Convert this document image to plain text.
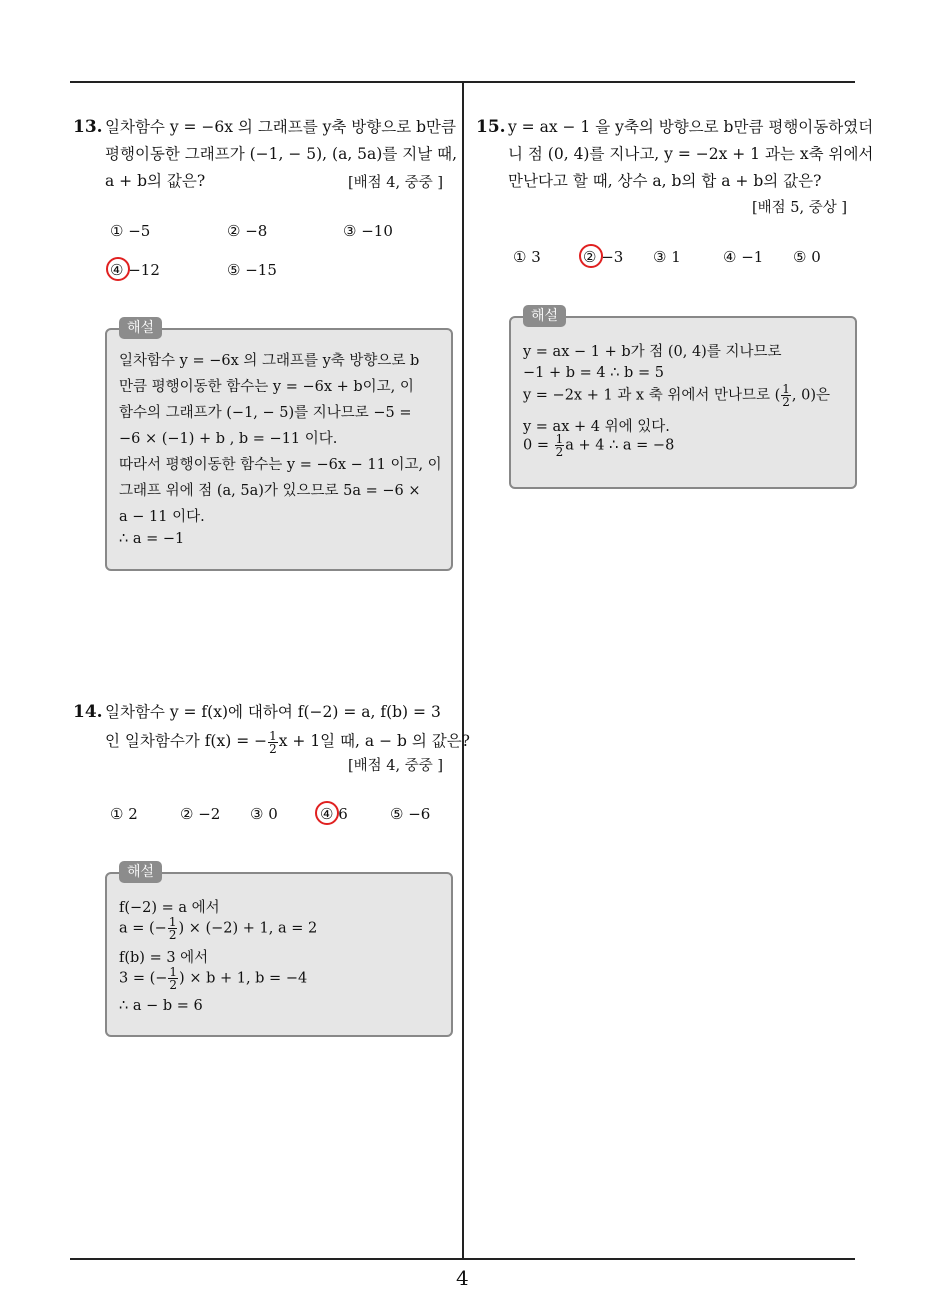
13. 일차함수 y = −6x 의 그래프를 y축 방향으로 b만큼
평행이동한 그래프가 (−1, − 5), (a, 5a)를 지날 때,
a + b의 값은?	[배점 4, 중중 ]
① −5	② −8	③ −10
④ −12	⑤ −15
일차함수 y = −6x 의 그래프를 y축 방향으로 b
만큼 평행이동한 함수는 y = −6x + b이고, 이
함수의 그래프가 (−1, − 5)를 지나므로 −5 =
−6 × (−1) + b , b = −11 이다.
따라서 평행이동한 함수는 y = −6x − 11 이고, 이
그래프 위에 점 (a, 5a)가 있으므로 5a = −6 ×
a − 11 이다.
∴ a = −1
해설
14. 일차함수 y = f(x)에 대하여 f(−2) = a, f(b) = 3
인 일차함수가 f(x) = − $\frac{1}{2}$ x + 1일 때, a − b 의 값은?
[배점 4, 중중 ]
① 2	② −2 ③ 0	④ 6	⑤ −6
f(−2) = a 에서
a = (− $\frac{1}{2}$ ) × (−2) + 1, a = 2
f(b) = 3 에서
3 = (− $\frac{1}{2}$ ) × b + 1, b = −4
∴ a − b = 6
해설
15. y = ax − 1 을 y축의 방향으로 b만큼 평행이동하였더
니 점 (0, 4)를 지나고, y = −2x + 1 과는 x축 위에서
만난다고 할 때, 상수 a, b의 합 a + b의 값은?
[배점 5, 중상 ]
① 3	② −3 ③ 1	④ −1 ⑤ 0
y = ax − 1 + b가 점 (0, 4)를 지나므로
−1 + b = 4 ∴ b = 5
y = −2x + 1 과 x 축 위에서 만나므로 ( $\frac{1}{2}$ , 0)은
y = ax + 4 위에 있다.
$0 = \frac{1}{2}$ a + 4 ∴ a = −8
해설
4
